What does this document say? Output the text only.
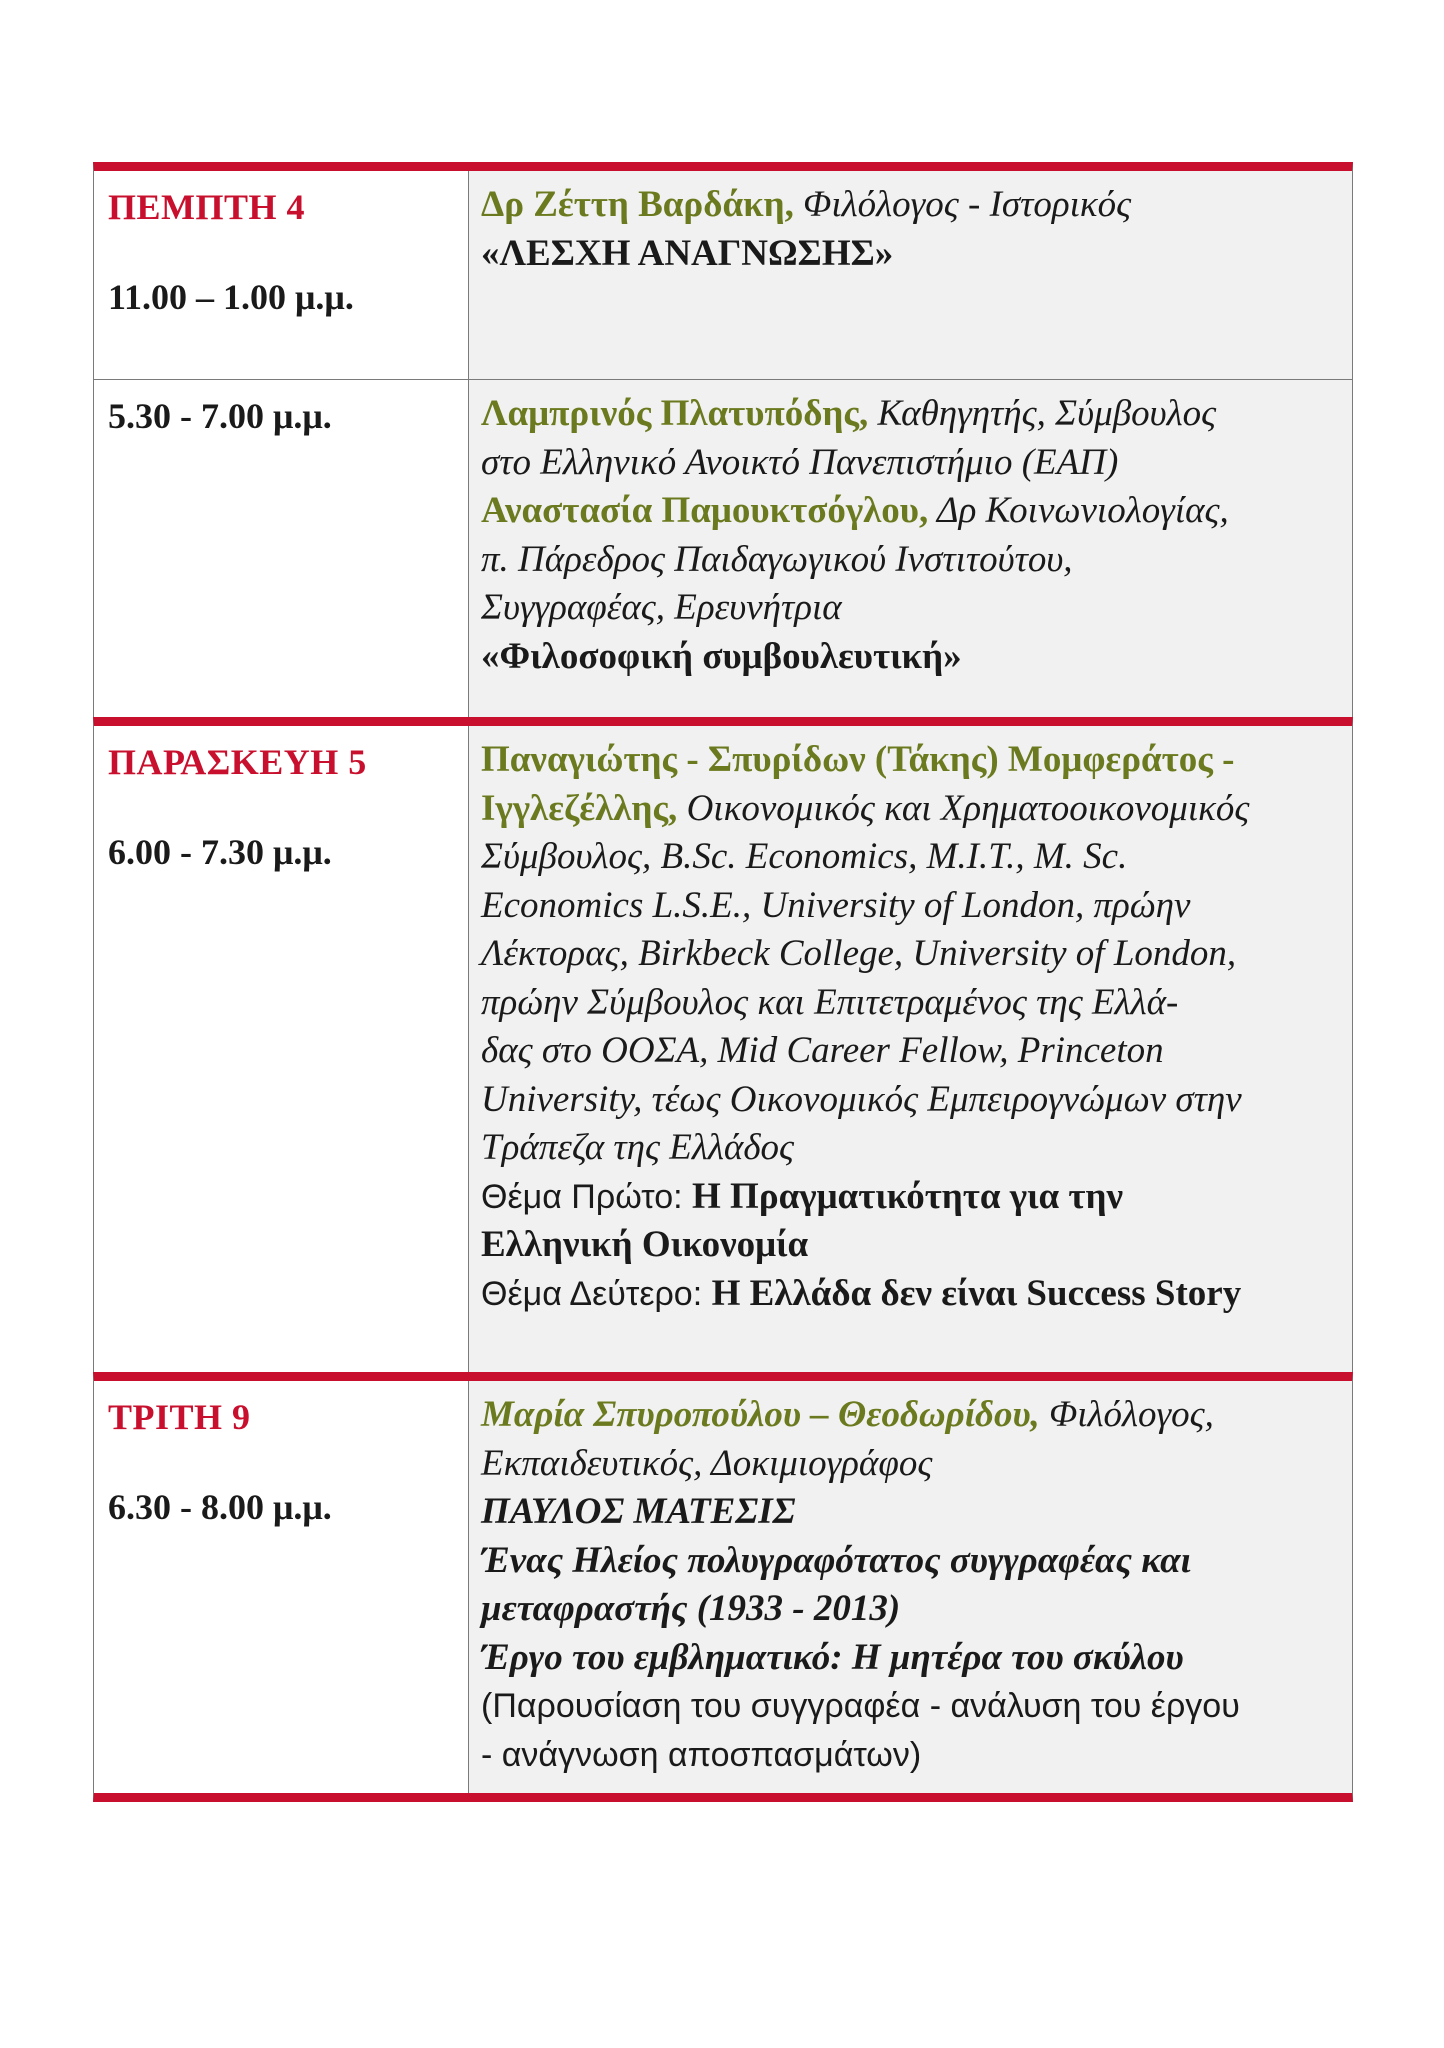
ΠΕΜΠΤΗ 4
11.00 – 1.00 μ.μ.
Δρ Ζέττη Βαρδάκη, Φιλόλογος - Ιστορικός
«ΛΕΣΧΗ ΑΝΑΓΝΩΣΗΣ»
5.30 - 7.00 μ.μ.	Λαμπρινός Πλατυπόδης, Καθηγητής, Σύμβουλος
στο Ελληνικό Ανοικτό Πανεπιστήμιο (ΕΑΠ)
Αναστασία Παμουκτσόγλου, Δρ Κοινωνιολογίας,
π. Πάρεδρος Παιδαγωγικού Ινστιτούτου,
Συγγραφέας, Ερευνήτρια
«Φιλοσοφική συμβουλευτική»
ΠΑΡΑΣΚΕΥΗ 5
6.00 - 7.30 μ.μ.
Παναγιώτης - Σπυρίδων (Τάκης) Μομφεράτος -
Ιγγλεζέλλης, Οικονομικός και Χρηματοοικονομικός
Σύμβουλος, B.Sc. Economics, M.I.T., M. Sc.
Economics L.S.E., University of London, πρώην
Λέκτορας, Birkbeck College, University of London,
πρώην Σύμβουλος και Επιτετραμένος της Ελλά-
δας στο ΟΟΣΑ, Mid Career Fellow, Princeton
University, τέως Οικονομικός Εμπειρογνώμων στην
Τράπεζα της Ελλάδος
Θέμα Πρώτο: Η Πραγματικότητα για την
Ελληνική Οικονομία
Θέμα Δεύτερο: Η Ελλάδα δεν είναι Success Story
ΤΡΙΤΗ 9
6.30 - 8.00 μ.μ.
Μαρία Σπυροπούλου – Θεοδωρίδου, Φιλόλογος,
Εκπαιδευτικός, Δοκιμιογράφος
ΠΑΥΛΟΣ ΜΑΤΕΣΙΣ
Ένας Ηλείος πολυγραφότατος συγγραφέας και
μεταφραστής (1933 - 2013)
Έργο του εμβληματικό: Η μητέρα του σκύλου
(Παρουσίαση του συγγραφέα - ανάλυση του έργου
- ανάγνωση αποσπασμάτων)
